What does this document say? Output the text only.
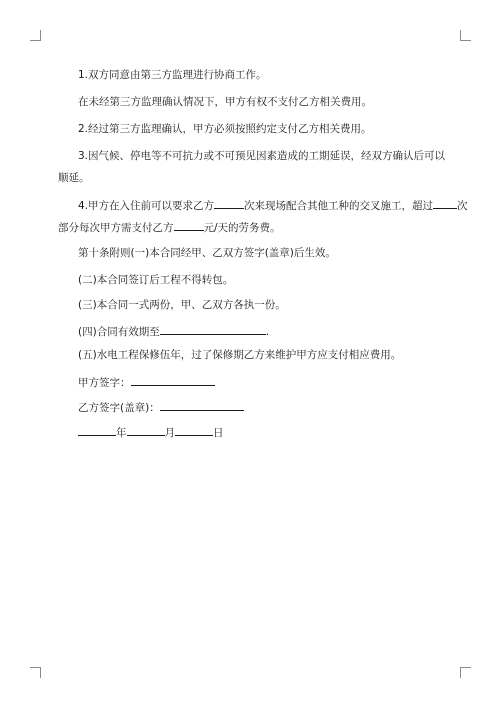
1.双方同意由第三方监理进行协商工作。
在未经第三方监理确认情况下，甲方有权不支付乙方相关费用。
2.经过第三方监理确认，甲方必须按照约定支付乙方相关费用。
3.因气候、停电等不可抗力或不可预见因素造成的工期延误，经双方确认后可以
顺延。
4.甲方在入住前可以要求乙方	次来现场配合其他工种的交叉施工，超过 次
部分每次甲方需支付乙方	元/天的劳务费。
第十条附则(一)本合同经甲、乙双方签字(盖章)后生效。
(二)本合同签订后工程不得转包。
(三)本合同一式两份，甲、乙双方各执一份。
(四)合同有效期至	.
(五)水电工程保修伍年，过了保修期乙方来维护甲方应支付相应费用。
甲方签字：
乙方签字(盖章)：
年	月	日
